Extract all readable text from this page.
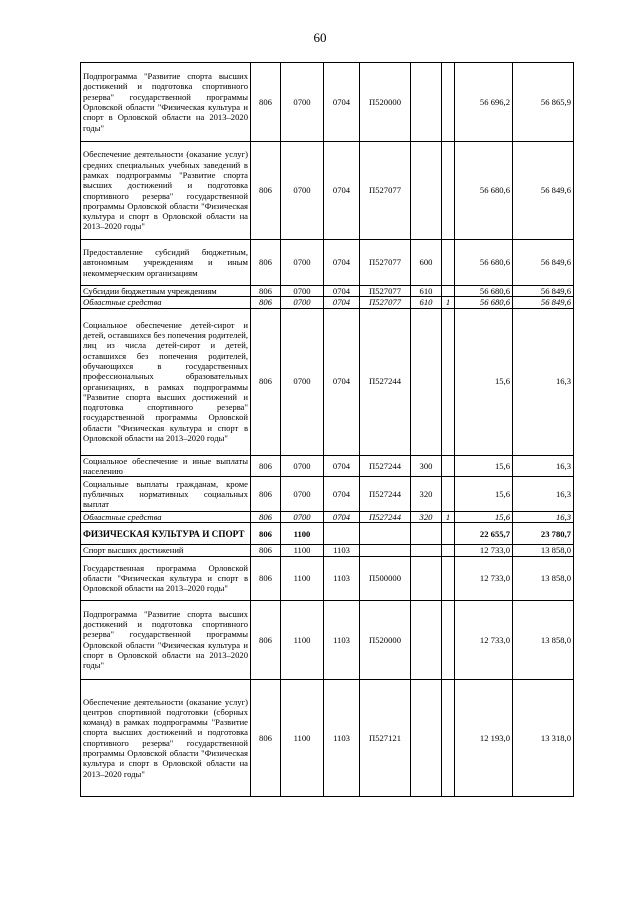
60
Подпрограмма "Развитие спорта высших достижений и подготовка спортивного резерва" государственной программы Орловской области "Физическая культура и спорт в Орловской области на 2013–2020 годы"	806	0700	0704	П520000			56 696,2	56 865,9
Обеспечение деятельности (оказание услуг) средних специальных учебных заведений в рамках подпрограммы "Развитие спорта высших достижений и подготовка спортивного резерва" государственной программы Орловской области "Физическая культура и спорт в Орловской области на 2013–2020 годы"	806	0700	0704	П527077			56 680,6	56 849,6
Предоставление субсидий бюджетным, автономным учреждениям и иным некоммерческим организациям	806	0700	0704	П527077	600		56 680,6	56 849,6
Субсидии бюджетным учреждениям	806	0700	0704	П527077	610		56 680,6	56 849,6
Областные средства	806	0700	0704	П527077	610	1	56 680,6	56 849,6
Социальное обеспечение детей-сирот и детей, оставшихся без попечения родителей, лиц из числа детей-сирот и детей, оставшихся без попечения родителей, обучающихся в государственных профессиональных образовательных организациях, в рамках подпрограммы "Развитие спорта высших достижений и подготовка спортивного резерва" государственной программы Орловской области "Физическая культура и спорт в Орловской области на 2013–2020 годы"	806	0700	0704	П527244			15,6	16,3
Социальное обеспечение и иные выплаты населению	806	0700	0704	П527244	300		15,6	16,3
Социальные выплаты гражданам, кроме публичных нормативных социальных выплат	806	0700	0704	П527244	320		15,6	16,3
Областные средства	806	0700	0704	П527244	320	1	15,6	16,3
ФИЗИЧЕСКАЯ КУЛЬТУРА И СПОРТ	806	1100					22 655,7	23 780,7
Спорт высших достижений	806	1100	1103				12 733,0	13 858,0
Государственная программа Орловской области "Физическая культура и спорт в Орловской области на 2013–2020 годы"	806	1100	1103	П500000			12 733,0	13 858,0
Подпрограмма "Развитие спорта высших достижений и подготовка спортивного резерва" государственной программы Орловской области "Физическая культура и спорт в Орловской области на 2013–2020 годы"	806	1100	1103	П520000			12 733,0	13 858,0
Обеспечение деятельности (оказание услуг) центров спортивной подготовки (сборных команд) в рамках подпрограммы "Развитие спорта высших достижений и подготовка спортивного резерва" государственной программы Орловской области "Физическая культура и спорт в Орловской области на 2013–2020 годы"	806	1100	1103	П527121			12 193,0	13 318,0
